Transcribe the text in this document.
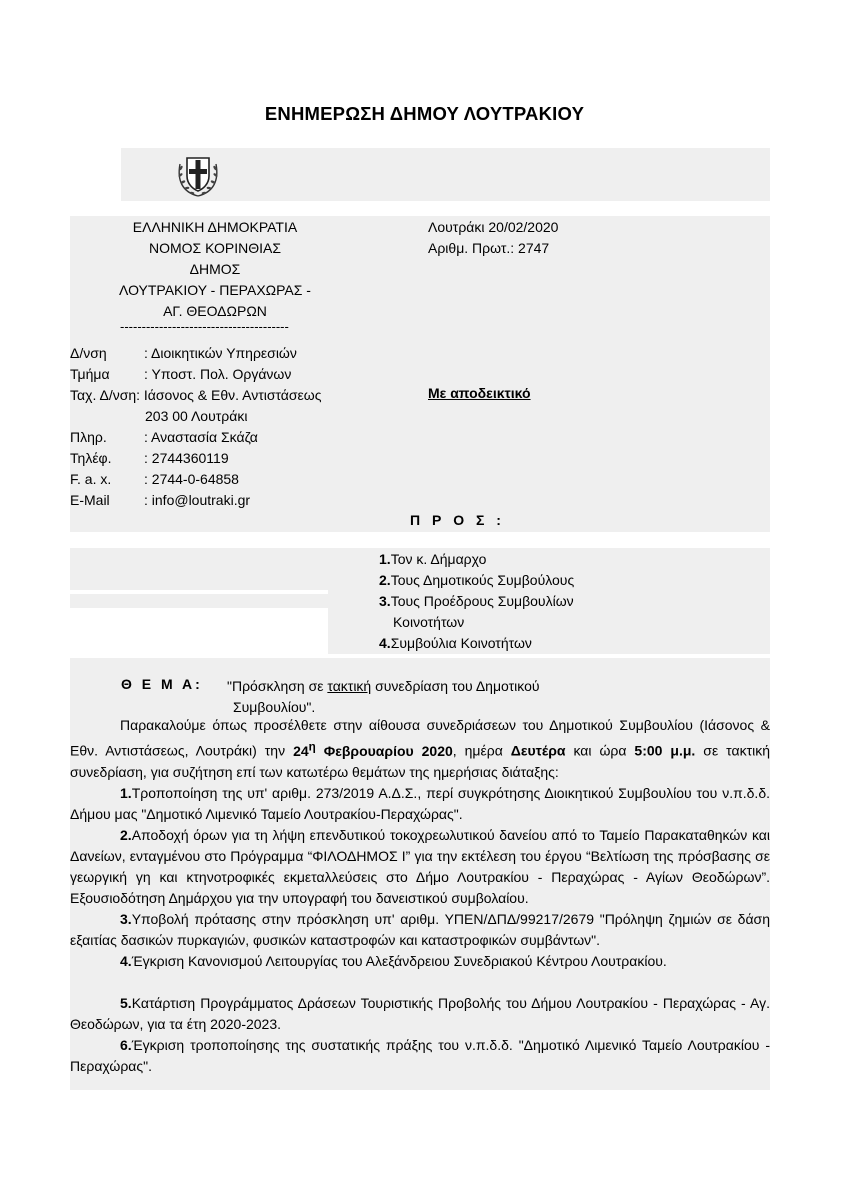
ΕΝΗΜΕΡΩΣΗ ΔΗΜΟΥ ΛΟΥΤΡΑΚΙΟΥ
ΕΛΛΗΝΙΚΗ ΔΗΜΟΚΡΑΤΙΑ
ΝΟΜΟΣ ΚΟΡΙΝΘΙΑΣ
ΔΗΜΟΣ
ΛΟΥΤΡΑΚΙΟΥ - ΠΕΡΑΧΩΡΑΣ -
ΑΓ. ΘΕΟΔΩΡΩΝ
---------------------------------------
Λουτράκι 20/02/2020
Αριθμ. Πρωτ.: 2747
Με αποδεικτικό
Δ/νση	: Διοικητικών Υπηρεσιών
Τμήμα : Υποστ. Πολ. Οργάνων
Ταχ. Δ/νση: Ιάσονος & Εθν. Αντιστάσεως
203 00 Λουτράκι
Πληρ.	: Αναστασία Σκάζα
Τηλέφ. : 2744360119
F. a. x. : 2744-0-64858
E-Mail : info@loutraki.gr
Π Ρ Ο Σ :
1.Τον κ. Δήμαρχο
2.Τους Δημοτικούς Συμβούλους
3.Τους Προέδρους Συμβουλίων
Κοινοτήτων
4.Συμβούλια Κοινοτήτων
Θ Ε Μ Α: "Πρόσκληση σε τακτική συνεδρίαση του Δημοτικού
Συμβουλίου".

Παρακαλούμε όπως προσέλθετε στην αίθουσα συνεδριάσεων του Δημοτικού Συμβουλίου (Ιάσονος & Εθν. Αντιστάσεως, Λουτράκι) την $24^\eta$ Φεβρουαρίου 2020, ημέρα Δευτέρα και ώρα 5:00 μ.μ. σε τακτική συνεδρίαση, για συζήτηση επί των κατωτέρω θεμάτων της ημερήσιας διάταξης:

1.Τροποποίηση της υπ' αριθμ. 273/2019 Α.Δ.Σ., περί συγκρότησης Διοικητικού Συμβουλίου του ν.π.δ.δ. Δήμου μας "Δημοτικό Λιμενικό Ταμείο Λουτρακίου-Περαχώρας".

2.Αποδοχή όρων για τη λήψη επενδυτικού τοκοχρεωλυτικού δανείου από το Ταμείο Παρακαταθηκών και Δανείων, ενταγμένου στο Πρόγραμμα “ΦΙΛΟΔΗΜΟΣ Ι” για την εκτέλεση του έργου “Βελτίωση της πρόσβασης σε γεωργική γη και κτηνοτροφικές εκμεταλλεύσεις στο Δήμο Λουτρακίου - Περαχώρας - Αγίων Θεοδώρων”. Εξουσιοδότηση Δημάρχου για την υπογραφή του δανειστικού συμβολαίου.

3.Υποβολή πρότασης στην πρόσκληση υπ' αριθμ. ΥΠΕΝ/ΔΠΔ/99217/2679 "Πρόληψη ζημιών σε δάση εξαιτίας δασικών πυρκαγιών, φυσικών καταστροφών και καταστροφικών συμβάντων".

4.Έγκριση Κανονισμού Λειτουργίας του Αλεξάνδρειου Συνεδριακού Κέντρου Λουτρακίου.

5.Κατάρτιση Προγράμματος Δράσεων Τουριστικής Προβολής του Δήμου Λουτρακίου - Περαχώρας - Αγ. Θεοδώρων, για τα έτη 2020-2023.

6.Έγκριση τροποποίησης της συστατικής πράξης του ν.π.δ.δ. "Δημοτικό Λιμενικό Ταμείο Λουτρακίου - Περαχώρας".
